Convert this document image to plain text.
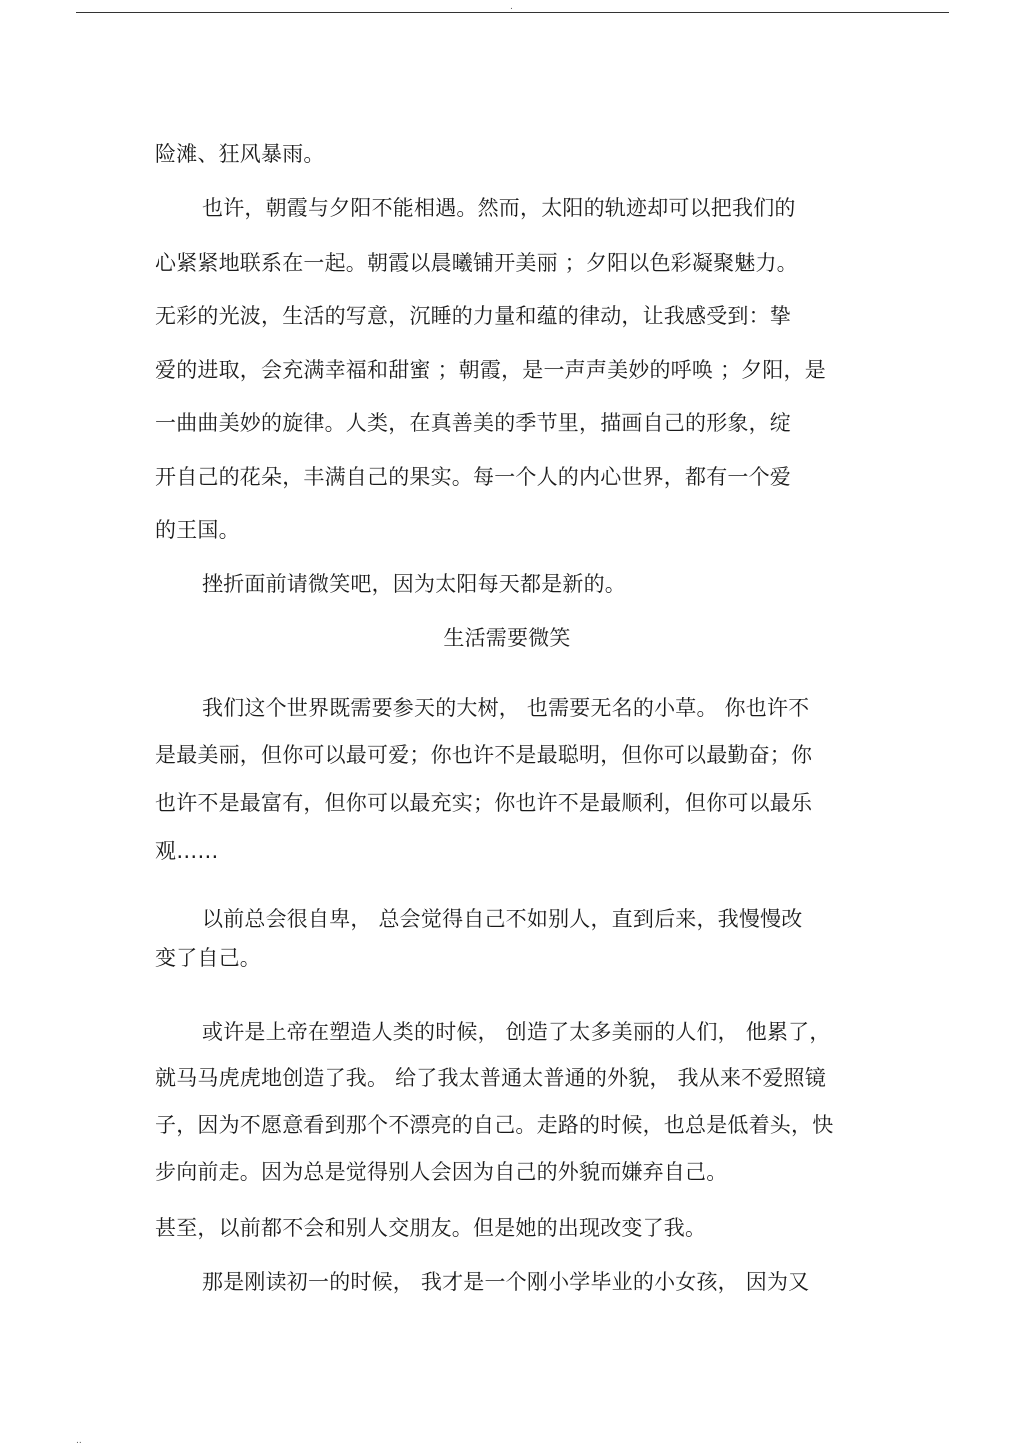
.
险滩、狂风暴雨。
也许，朝霞与夕阳不能相遇。然而，太阳的轨迹却可以把我们的
心紧紧地联系在一起。朝霞以晨曦铺开美丽 ；夕阳以色彩凝聚魅力。
无彩的光波，生活的写意，沉睡的力量和蕴的律动，让我感受到：挚
爱的进取，会充满幸福和甜蜜 ；朝霞，是一声声美妙的呼唤 ；夕阳，是
一曲曲美妙的旋律。人类，在真善美的季节里，描画自己的形象，绽
开自己的花朵，丰满自己的果实。每一个人的内心世界，都有一个爱
的王国。
挫折面前请微笑吧，因为太阳每天都是新的。
生活需要微笑
我们这个世界既需要参天的大树， 也需要无名的小草。 你也许不
是最美丽，但你可以最可爱；你也许不是最聪明，但你可以最勤奋；你
也许不是最富有，但你可以最充实；你也许不是最顺利，但你可以最乐
观……
以前总会很自卑， 总会觉得自己不如别人，直到后来，我慢慢改
变了自己。
或许是上帝在塑造人类的时候， 创造了太多美丽的人们， 他累了，
就马马虎虎地创造了我。 给了我太普通太普通的外貌， 我从来不爱照镜
子，因为不愿意看到那个不漂亮的自己。走路的时候，也总是低着头，快
步向前走。因为总是觉得别人会因为自己的外貌而嫌弃自己。
甚至，以前都不会和别人交朋友。但是她的出现改变了我。
那是刚读初一的时候， 我才是一个刚小学毕业的小女孩， 因为又
..
